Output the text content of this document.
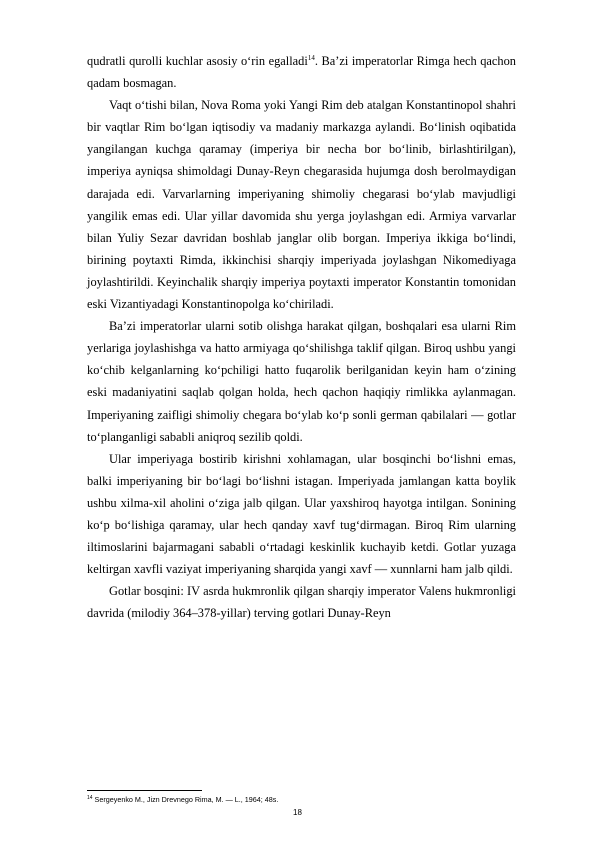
qudratli qurolli kuchlar asosiy o‘rin egalladi$^{14}$. Ba’zi imperatorlar Rimga hech qachon qadam bosmagan.

Vaqt o‘tishi bilan, Nova Roma yoki Yangi Rim deb atalgan Konstantinopol shahri bir vaqtlar Rim bo‘lgan iqtisodiy va madaniy markazga aylandi. Bo‘linish oqibatida yangilangan kuchga qaramay (imperiya bir necha bor bo‘linib, birlashtirilgan), imperiya ayniqsa shimoldagi Dunay-Reyn chegarasida hujumga dosh berolmaydigan darajada edi. Varvarlarning imperiyaning shimoliy chegarasi bo‘ylab mavjudligi yangilik emas edi. Ular yillar davomida shu yerga joylashgan edi. Armiya varvarlar bilan Yuliy Sezar davridan boshlab janglar olib borgan. Imperiya ikkiga bo‘lindi, birining poytaxti Rimda, ikkinchisi sharqiy imperiyada joylashgan Nikomediyaga joylashtirildi. Keyinchalik sharqiy imperiya poytaxti imperator Konstantin tomonidan eski Vizantiyadagi Konstantinopolga ko‘chiriladi.

Ba’zi imperatorlar ularni sotib olishga harakat qilgan, boshqalari esa ularni Rim yerlariga joylashishga va hatto armiyaga qo‘shilishga taklif qilgan. Biroq ushbu yangi ko‘chib kelganlarning ko‘pchiligi hatto fuqarolik berilganidan keyin ham o‘zining eski madaniyatini saqlab qolgan holda, hech qachon haqiqiy rimlikka aylanmagan. Imperiyaning zaifligi shimoliy chegara bo‘ylab ko‘p sonli german qabilalari — gotlar to‘planganligi sababli aniqroq sezilib qoldi.

Ular imperiyaga bostirib kirishni xohlamagan, ular bosqinchi bo‘lishni emas, balki imperiyaning bir bo‘lagi bo‘lishni istagan. Imperiyada jamlangan katta boylik ushbu xilma-xil aholini o‘ziga jalb qilgan. Ular yaxshiroq hayotga intilgan. Sonining ko‘p bo‘lishiga qaramay, ular hech qanday xavf tug‘dirmagan. Biroq Rim ularning iltimoslarini bajarmagani sababli o‘rtadagi keskinlik kuchayib ketdi. Gotlar yuzaga keltirgan xavfli vaziyat imperiyaning sharqida yangi xavf — xunnlarni ham jalb qildi.

Gotlar bosqini: IV asrda hukmronlik qilgan sharqiy imperator Valens hukmronligi davrida (milodiy 364–378-yillar) terving gotlari Dunay-Reyn

$^{14}$ Sergeyenko M., Jizn Drevnego Rima, M. — L., 1964; 48s.
18
